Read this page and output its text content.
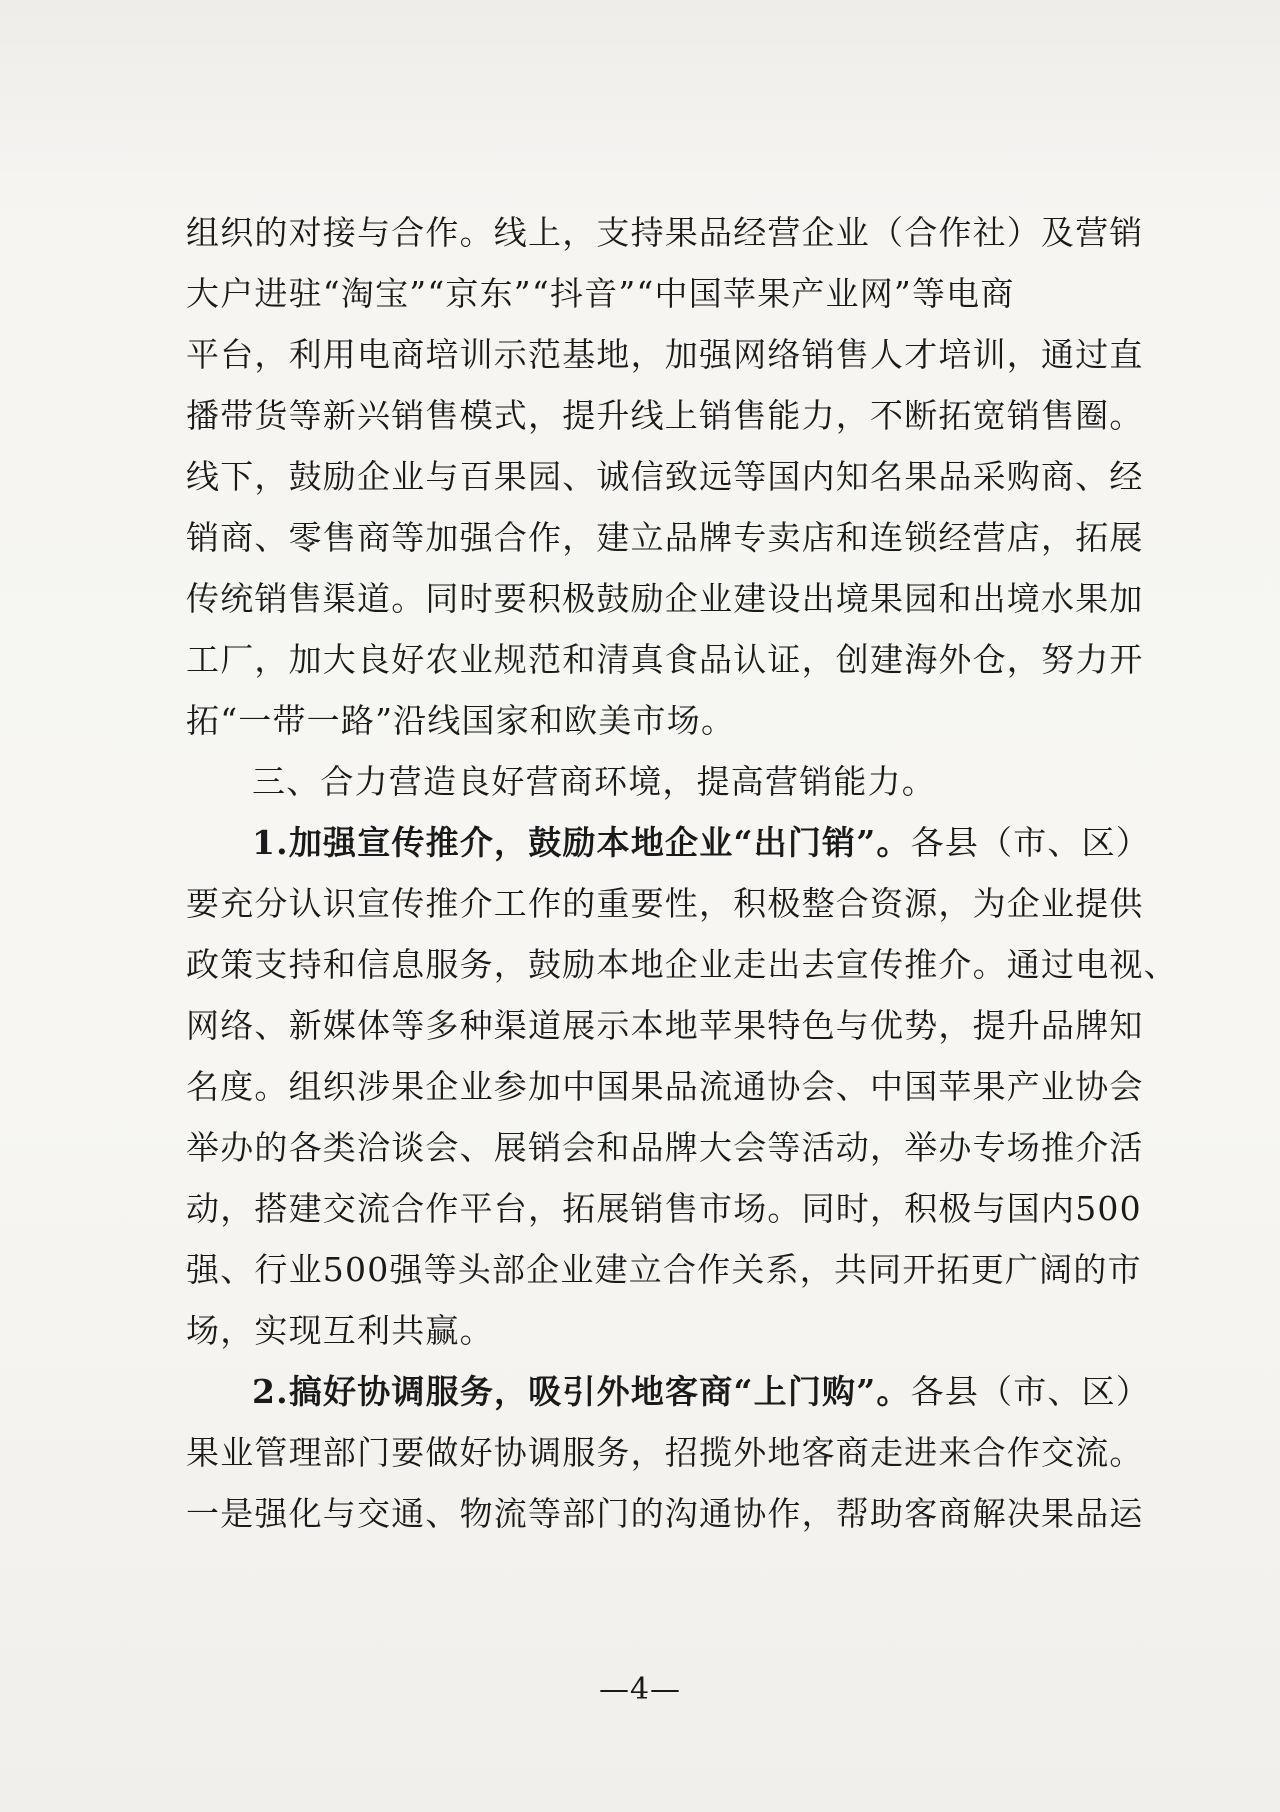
组织的对接与合作。线上，支持果品经营企业（合作社）及营销
大户进驻“淘宝”“京东”“抖音”“中国苹果产业网”等电商
平台，利用电商培训示范基地，加强网络销售人才培训，通过直
播带货等新兴销售模式，提升线上销售能力，不断拓宽销售圈。
线下，鼓励企业与百果园、诚信致远等国内知名果品采购商、经
销商、零售商等加强合作，建立品牌专卖店和连锁经营店，拓展
传统销售渠道。同时要积极鼓励企业建设出境果园和出境水果加
工厂，加大良好农业规范和清真食品认证，创建海外仓，努力开
拓“一带一路”沿线国家和欧美市场。
三、合力营造良好营商环境，提高营销能力。
1.加强宣传推介，鼓励本地企业“出门销”。各县（市、区）
要充分认识宣传推介工作的重要性，积极整合资源，为企业提供
政策支持和信息服务，鼓励本地企业走出去宣传推介。通过电视、
网络、新媒体等多种渠道展示本地苹果特色与优势，提升品牌知
名度。组织涉果企业参加中国果品流通协会、中国苹果产业协会
举办的各类洽谈会、展销会和品牌大会等活动，举办专场推介活
动，搭建交流合作平台，拓展销售市场。同时，积极与国内500
强、行业500强等头部企业建立合作关系，共同开拓更广阔的市
场，实现互利共赢。
2.搞好协调服务，吸引外地客商“上门购”。各县（市、区）
果业管理部门要做好协调服务，招揽外地客商走进来合作交流。
一是强化与交通、物流等部门的沟通协作，帮助客商解决果品运
—4—
